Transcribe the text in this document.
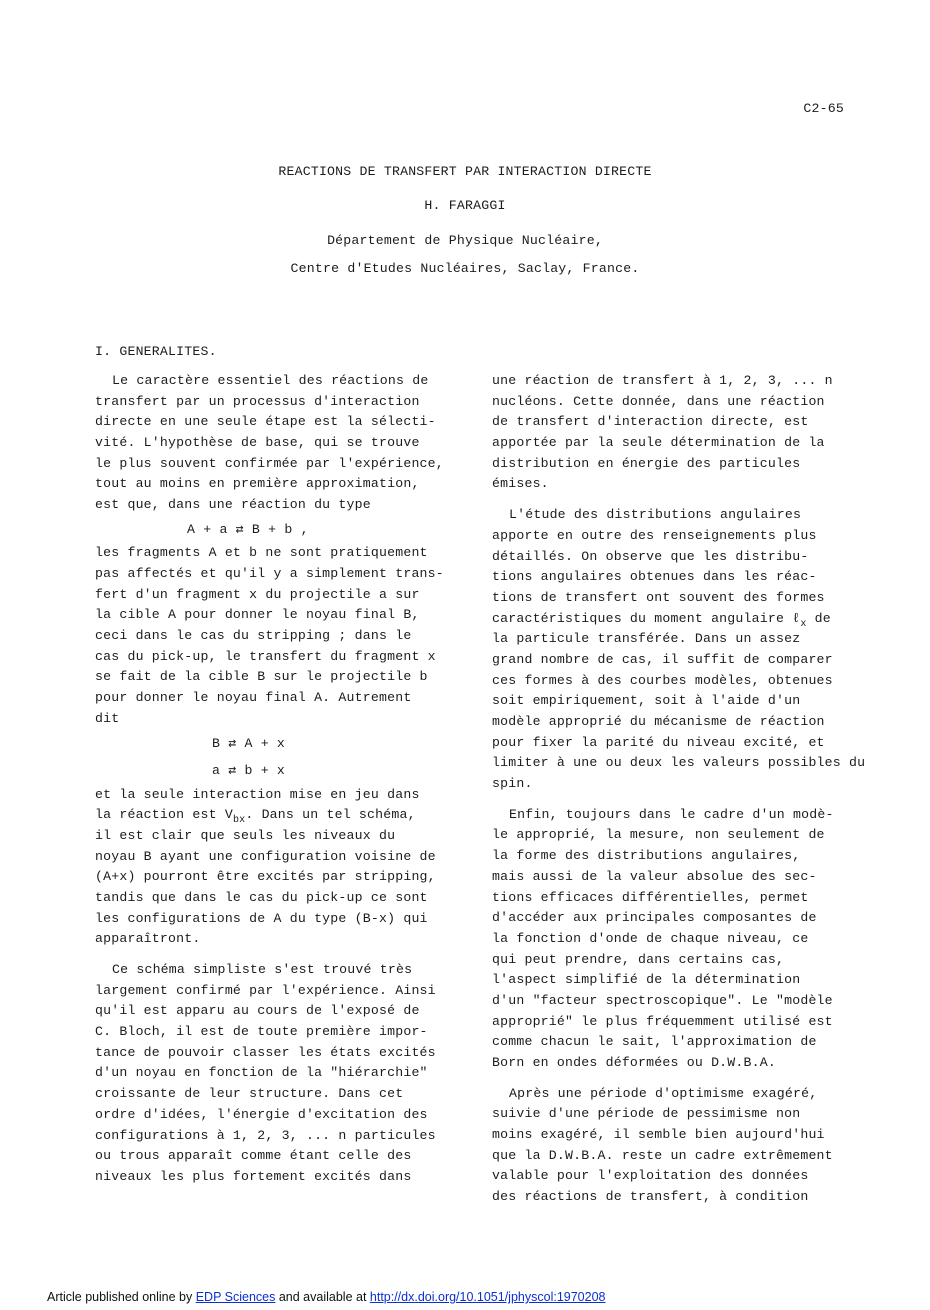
C2-65
REACTIONS DE TRANSFERT PAR INTERACTION DIRECTE
H. FARAGGI
Département de Physique Nucléaire,
Centre d'Etudes Nucléaires, Saclay, France.
I. GENERALITES.
Le caractère essentiel des réactions de
transfert par un processus d'interaction
directe en une seule étape est la sélecti-
vité. L'hypothèse de base, qui se trouve
le plus souvent confirmée par l'expérience,
tout au moins en première approximation,
est que, dans une réaction du type
A + a ⇄ B + b ,
les fragments A et b ne sont pratiquement
pas affectés et qu'il y a simplement trans-
fert d'un fragment x du projectile a sur
la cible A pour donner le noyau final B,
ceci dans le cas du stripping ; dans le
cas du pick-up, le transfert du fragment x
se fait de la cible B sur le projectile b
pour donner le noyau final A. Autrement
dit
B ⇄ A + x
a ⇄ b + x
et la seule interaction mise en jeu dans
la réaction est $V_{bx}$. Dans un tel schéma,
il est clair que seuls les niveaux du
noyau B ayant une configuration voisine de
(A+x) pourront être excités par stripping,
tandis que dans le cas du pick-up ce sont
les configurations de A du type (B-x) qui
apparaîtront.
Ce schéma simpliste s'est trouvé très
largement confirmé par l'expérience. Ainsi
qu'il est apparu au cours de l'exposé de
C. Bloch, il est de toute première impor-
tance de pouvoir classer les états excités
d'un noyau en fonction de la "hiérarchie"
croissante de leur structure. Dans cet
ordre d'idées, l'énergie d'excitation des
configurations à 1, 2, 3, ... n particules
ou trous apparaît comme étant celle des
niveaux les plus fortement excités dans
une réaction de transfert à 1, 2, 3, ... n
nucléons. Cette donnée, dans une réaction
de transfert d'interaction directe, est
apportée par la seule détermination de la
distribution en énergie des particules
émises.
L'étude des distributions angulaires
apporte en outre des renseignements plus
détaillés. On observe que les distribu-
tions angulaires obtenues dans les réac-
tions de transfert ont souvent des formes
caractéristiques du moment angulaire ℓ$_x$ de
la particule transférée. Dans un assez
grand nombre de cas, il suffit de comparer
ces formes à des courbes modèles, obtenues
soit empiriquement, soit à l'aide d'un
modèle approprié du mécanisme de réaction
pour fixer la parité du niveau excité, et
limiter à une ou deux les valeurs possibles du
spin.
Enfin, toujours dans le cadre d'un modè-
le approprié, la mesure, non seulement de
la forme des distributions angulaires,
mais aussi de la valeur absolue des sec-
tions efficaces différentielles, permet
d'accéder aux principales composantes de
la fonction d'onde de chaque niveau, ce
qui peut prendre, dans certains cas,
l'aspect simplifié de la détermination
d'un "facteur spectroscopique". Le "modèle
approprié" le plus fréquemment utilisé est
comme chacun le sait, l'approximation de
Born en ondes déformées ou D.W.B.A.
Après une période d'optimisme exagéré,
suivie d'une période de pessimisme non
moins exagéré, il semble bien aujourd'hui
que la D.W.B.A. reste un cadre extrêmement
valable pour l'exploitation des données
des réactions de transfert, à condition
Article published online by EDP Sciences and available at http://dx.doi.org/10.1051/jphyscol:1970208
